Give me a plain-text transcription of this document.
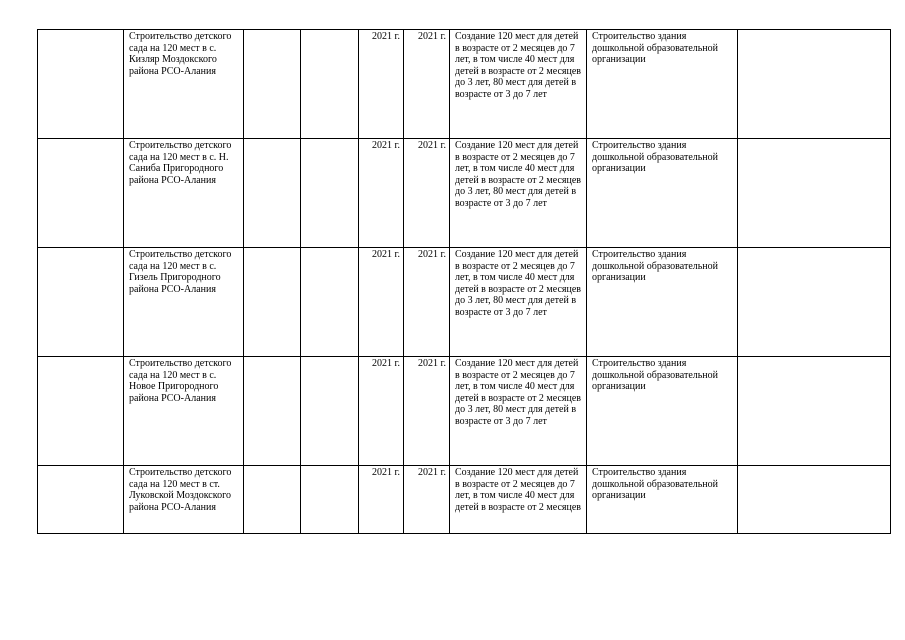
	Строительство детского сада на 120 мест в с. Кизляр Моздокского района РСО-Алания			2021 г.	2021 г.	Создание 120 мест для детей в возрасте от 2 месяцев до 7 лет, в том числе 40 мест для детей в возрасте от 2 месяцев до 3 лет, 80 мест для детей в возрасте от 3 до 7 лет	Строительство здания дошкольной образовательной организации	
	Строительство детского сада на 120 мест в с. Н. Саниба Пригородного района РСО-Алания			2021 г.	2021 г.	Создание 120 мест для детей в возрасте от 2 месяцев до 7 лет, в том числе 40 мест для детей в возрасте от 2 месяцев до 3 лет, 80 мест для детей в возрасте от 3 до 7 лет	Строительство здания дошкольной образовательной организации	
	Строительство детского сада на 120 мест в с. Гизель Пригородного района РСО-Алания			2021 г.	2021 г.	Создание 120 мест для детей в возрасте от 2 месяцев до 7 лет, в том числе 40 мест для детей в возрасте от 2 месяцев до 3 лет, 80 мест для детей в возрасте от 3 до 7 лет	Строительство здания дошкольной образовательной организации	
	Строительство детского сада на 120 мест в с. Новое Пригородного района РСО-Алания			2021 г.	2021 г.	Создание 120 мест для детей в возрасте от 2 месяцев до 7 лет, в том числе 40 мест для детей в возрасте от 2 месяцев до 3 лет, 80 мест для детей в возрасте от 3 до 7 лет	Строительство здания дошкольной образовательной организации	
	Строительство детского сада на 120 мест в ст. Луковской Моздокского района РСО-Алания			2021 г.	2021 г.	Создание 120 мест для детей в возрасте от 2 месяцев до 7 лет, в том числе 40 мест для детей в возрасте от 2 месяцев	Строительство здания дошкольной образовательной организации	
